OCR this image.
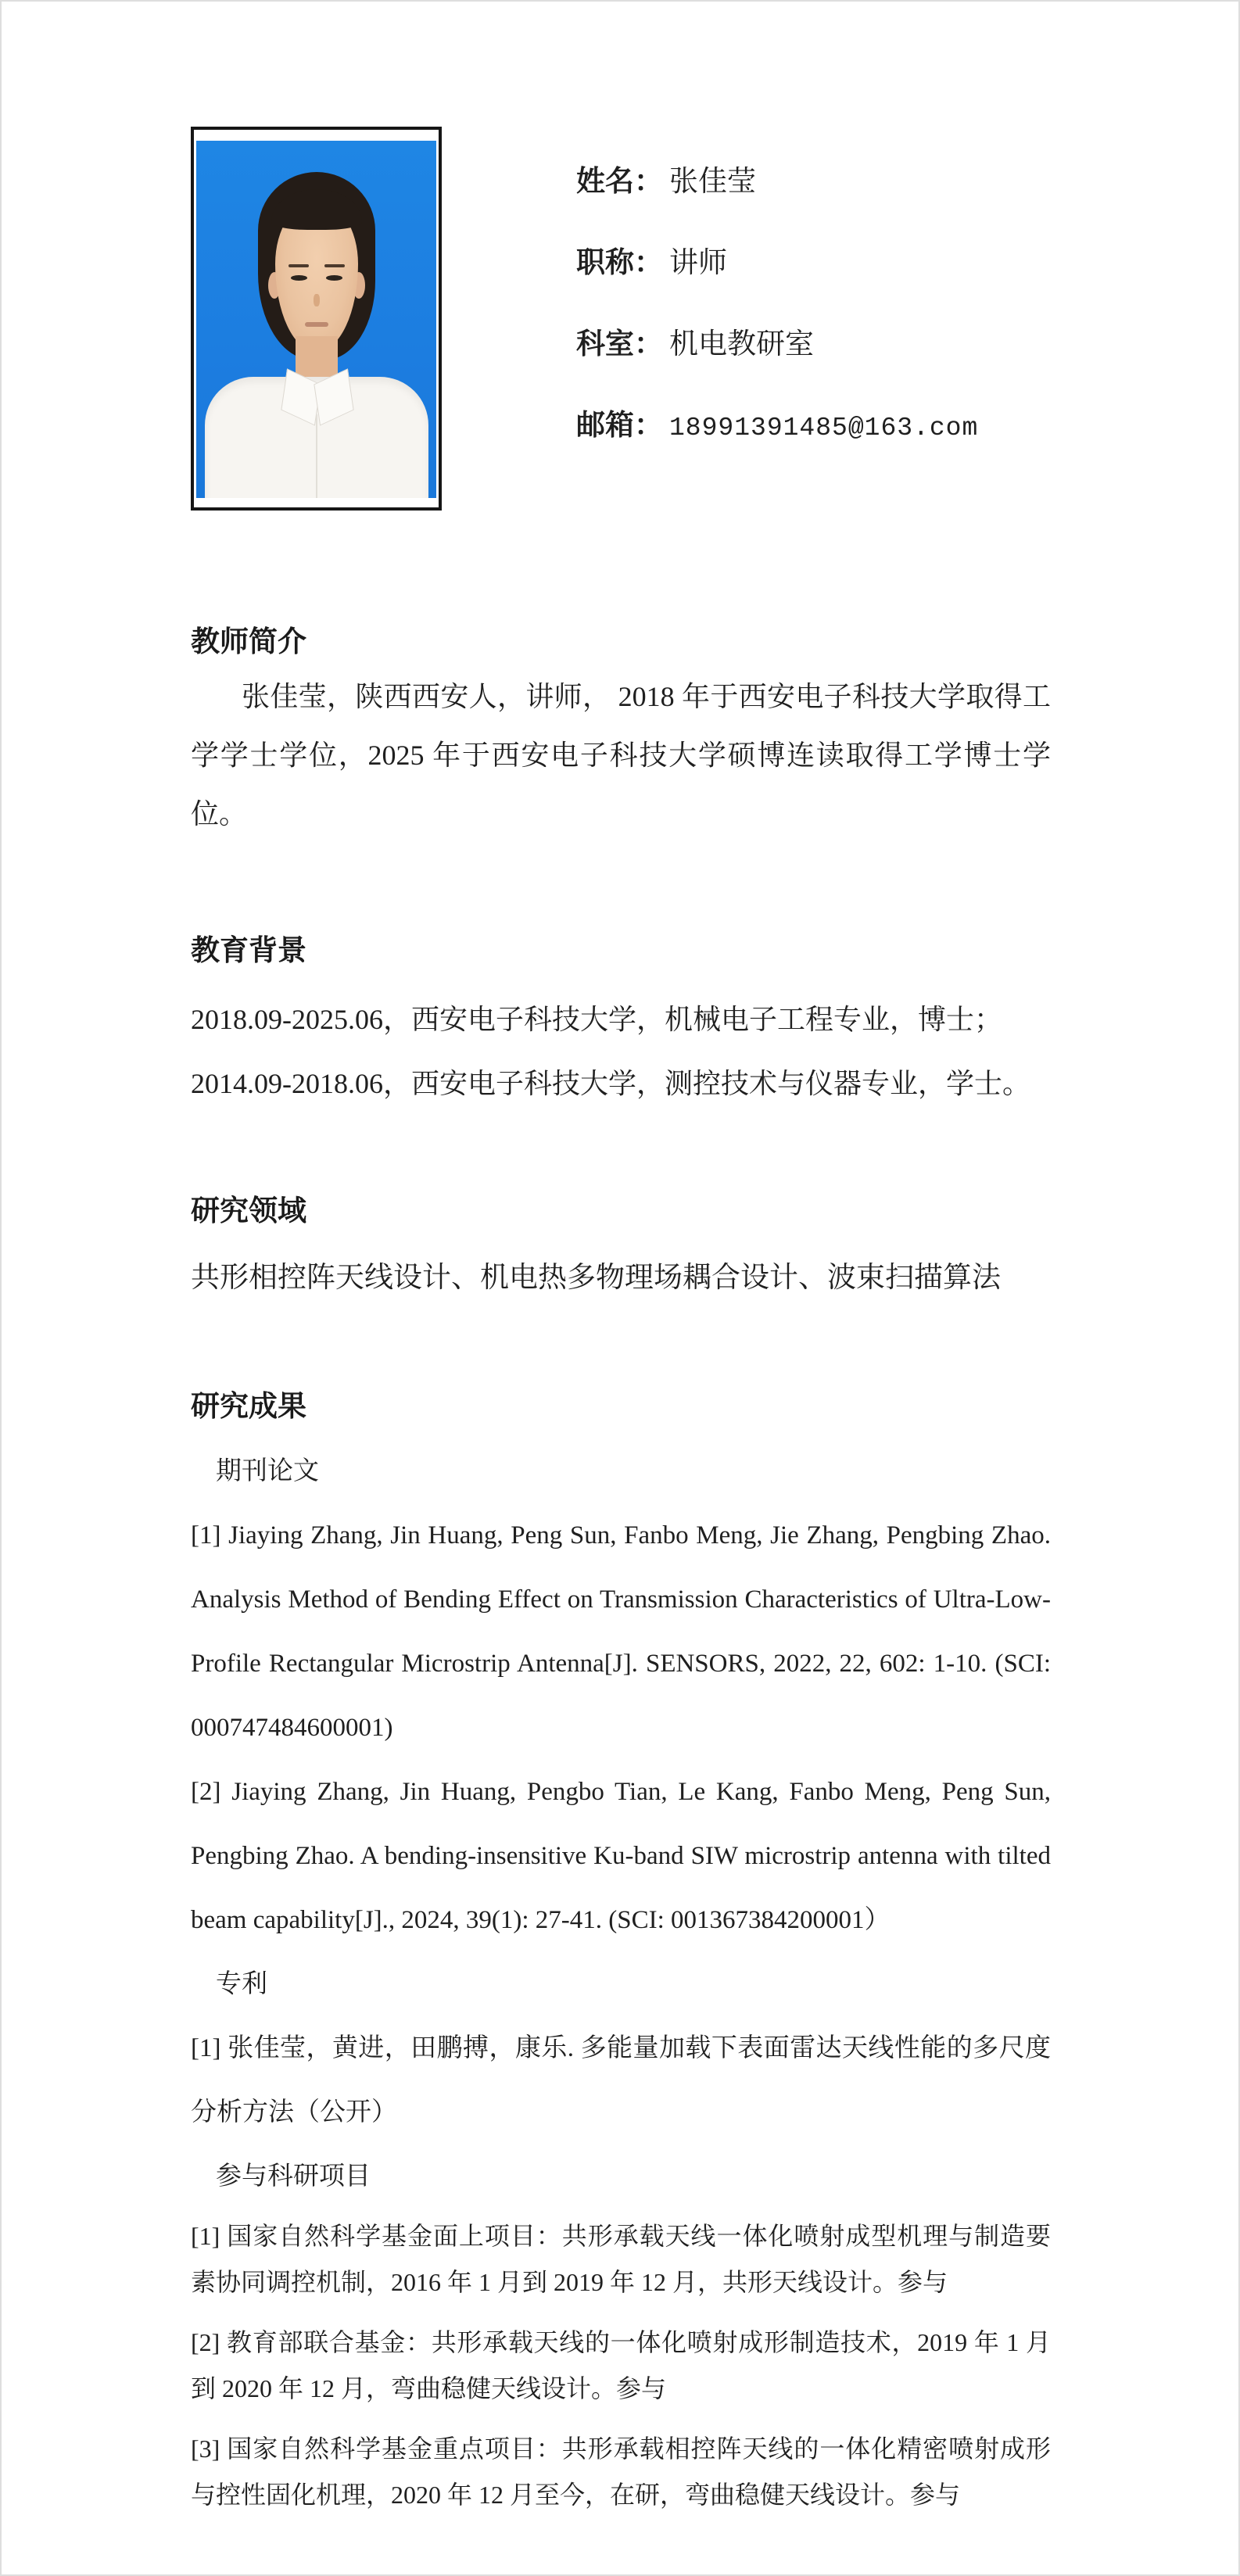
姓名： 张佳莹
职称： 讲师
科室： 机电教研室
邮箱： 18991391485@163.com
教师简介

张佳莹，陕西西安人，讲师， 2018 年于西安电子科技大学取得工学学士学位，2025 年于西安电子科技大学硕博连读取得工学博士学位。

教育背景

2018.09-2025.06，西安电子科技大学，机械电子工程专业，博士；

2014.09-2018.06，西安电子科技大学，测控技术与仪器专业，学士。

研究领域

共形相控阵天线设计、机电热多物理场耦合设计、波束扫描算法

研究成果

期刊论文

[1] Jiaying Zhang, Jin Huang, Peng Sun, Fanbo Meng, Jie Zhang, Pengbing Zhao. Analysis Method of Bending Effect on Transmission Characteristics of Ultra-Low-Profile Rectangular Microstrip Antenna[J]. SENSORS, 2022, 22, 602: 1-10. (SCI: 000747484600001)

[2] Jiaying Zhang, Jin Huang, Pengbo Tian, Le Kang, Fanbo Meng, Peng Sun, Pengbing Zhao. A bending-insensitive Ku-band SIW microstrip antenna with tilted beam capability[J]., 2024, 39(1): 27-41. (SCI: 001367384200001）

专利

[1] 张佳莹，黄进，田鹏搏，康乐. 多能量加载下表面雷达天线性能的多尺度分析方法（公开）

参与科研项目

[1] 国家自然科学基金面上项目：共形承载天线一体化喷射成型机理与制造要素协同调控机制，2016 年 1 月到 2019 年 12 月，共形天线设计。参与

[2] 教育部联合基金：共形承载天线的一体化喷射成形制造技术，2019 年 1 月到 2020 年 12 月，弯曲稳健天线设计。参与

[3] 国家自然科学基金重点项目：共形承载相控阵天线的一体化精密喷射成形与控性固化机理，2020 年 12 月至今，在研，弯曲稳健天线设计。参与
